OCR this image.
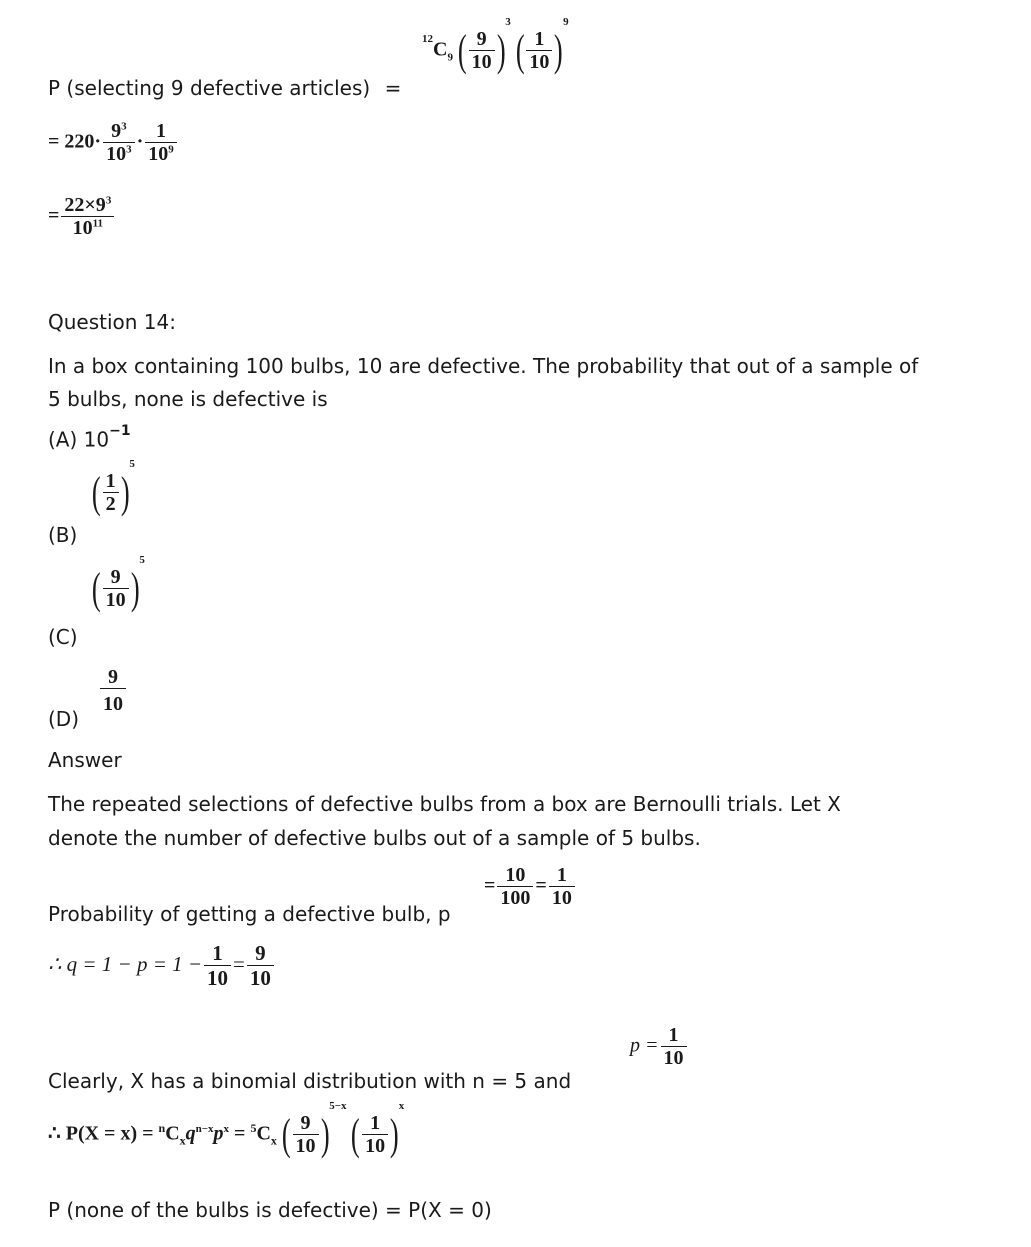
$^{12}C_9$ ( $\frac{9}{10} )^3$ ( $\frac{1}{10} )^9$
P (selecting 9 defective articles) =
= $220\cdot \frac{9^3}{10^3} \cdot \frac{1}{10^9}$
= $\frac{22\times 9^3}{10^{11}}$
Question 14:
In a box containing 100 bulbs, 10 are defective. The probability that out of a sample of
5 bulbs, none is defective is
(A) $10^{-1}$
(B)
( $\frac{1}{2} )^5$
(C)
( $\frac{9}{10} )^5$
(D)
$\frac{9}{10}$
Answer
The repeated selections of defective bulbs from a box are Bernoulli trials. Let X
denote the number of defective bulbs out of a sample of 5 bulbs.
Probability of getting a defective bulb, p
= $\frac{10}{100} = \frac{1}{10}$
∴ $q = 1 - p = 1 - \frac{1}{10} = \frac{9}{10}$
Clearly, X has a binomial distribution with n = 5 and
$p = \frac{1}{10}$
∴ $P(X = x) = ^nC_xq^{n-x}p^x = ^5C_x$ ( $\frac{9}{10} )^{5-x}$ ( $\frac{1}{10} )^x$
P (none of the bulbs is defective) = P(X = 0)
